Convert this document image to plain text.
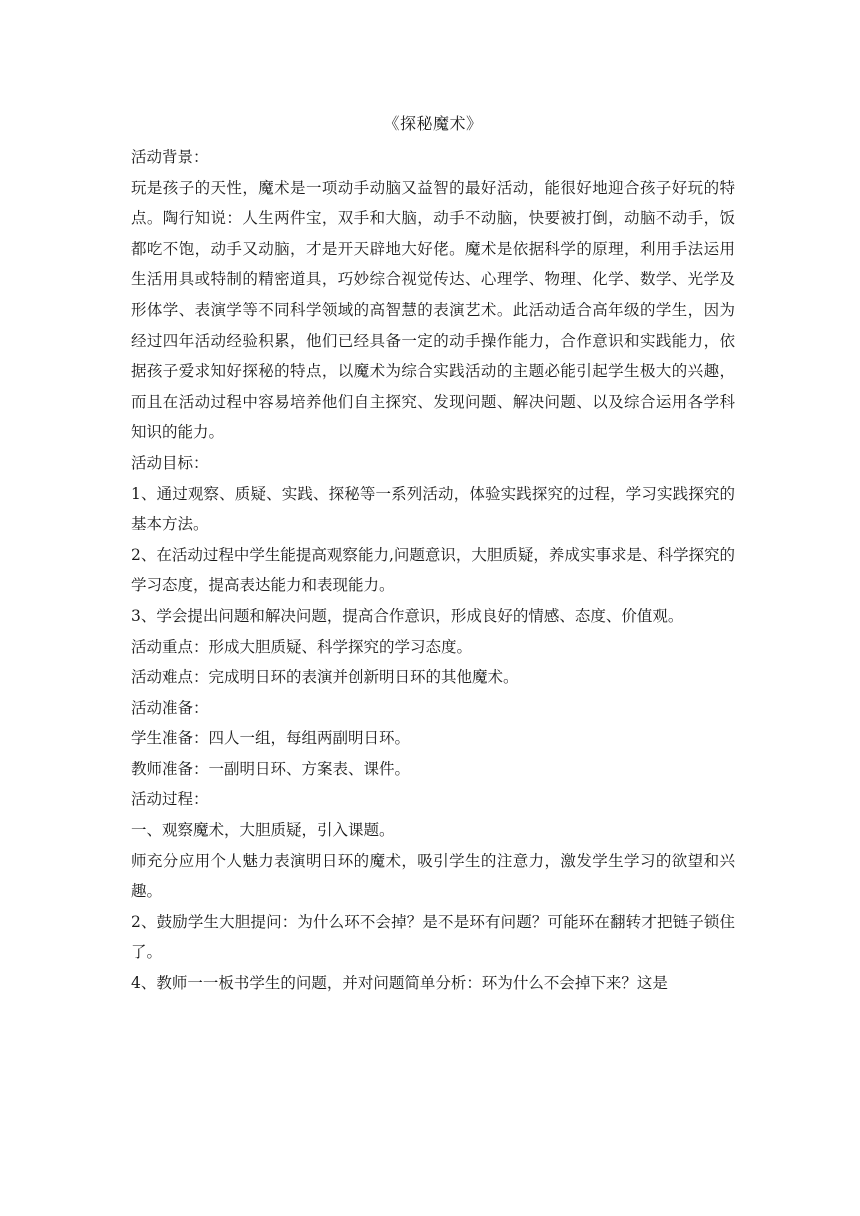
《探秘魔术》

活动背景：

玩是孩子的天性，魔术是一项动手动脑又益智的最好活动，能很好地迎合孩子好玩的特点。陶行知说：人生两件宝，双手和大脑，动手不动脑，快要被打倒，动脑不动手，饭都吃不饱，动手又动脑，才是开天辟地大好佬。魔术是依据科学的原理，利用手法运用生活用具或特制的精密道具，巧妙综合视觉传达、心理学、物理、化学、数学、光学及形体学、表演学等不同科学领域的高智慧的表演艺术。此活动适合高年级的学生，因为经过四年活动经验积累，他们已经具备一定的动手操作能力，合作意识和实践能力，依据孩子爱求知好探秘的特点，以魔术为综合实践活动的主题必能引起学生极大的兴趣，而且在活动过程中容易培养他们自主探究、发现问题、解决问题、以及综合运用各学科知识的能力。

活动目标：

1、通过观察、质疑、实践、探秘等一系列活动，体验实践探究的过程，学习实践探究的基本方法。

2、在活动过程中学生能提高观察能力,问题意识，大胆质疑，养成实事求是、科学探究的学习态度，提高表达能力和表现能力。

3、学会提出问题和解决问题，提高合作意识，形成良好的情感、态度、价值观。

活动重点：形成大胆质疑、科学探究的学习态度。

活动难点：完成明日环的表演并创新明日环的其他魔术。

活动准备：

学生准备：四人一组，每组两副明日环。

教师准备：一副明日环、方案表、课件。

活动过程：

一、观察魔术，大胆质疑，引入课题。

师充分应用个人魅力表演明日环的魔术，吸引学生的注意力，激发学生学习的欲望和兴趣。

2、鼓励学生大胆提问：为什么环不会掉？是不是环有问题？可能环在翻转才把链子锁住了。

4、教师一一板书学生的问题，并对问题简单分析：环为什么不会掉下来？这是
